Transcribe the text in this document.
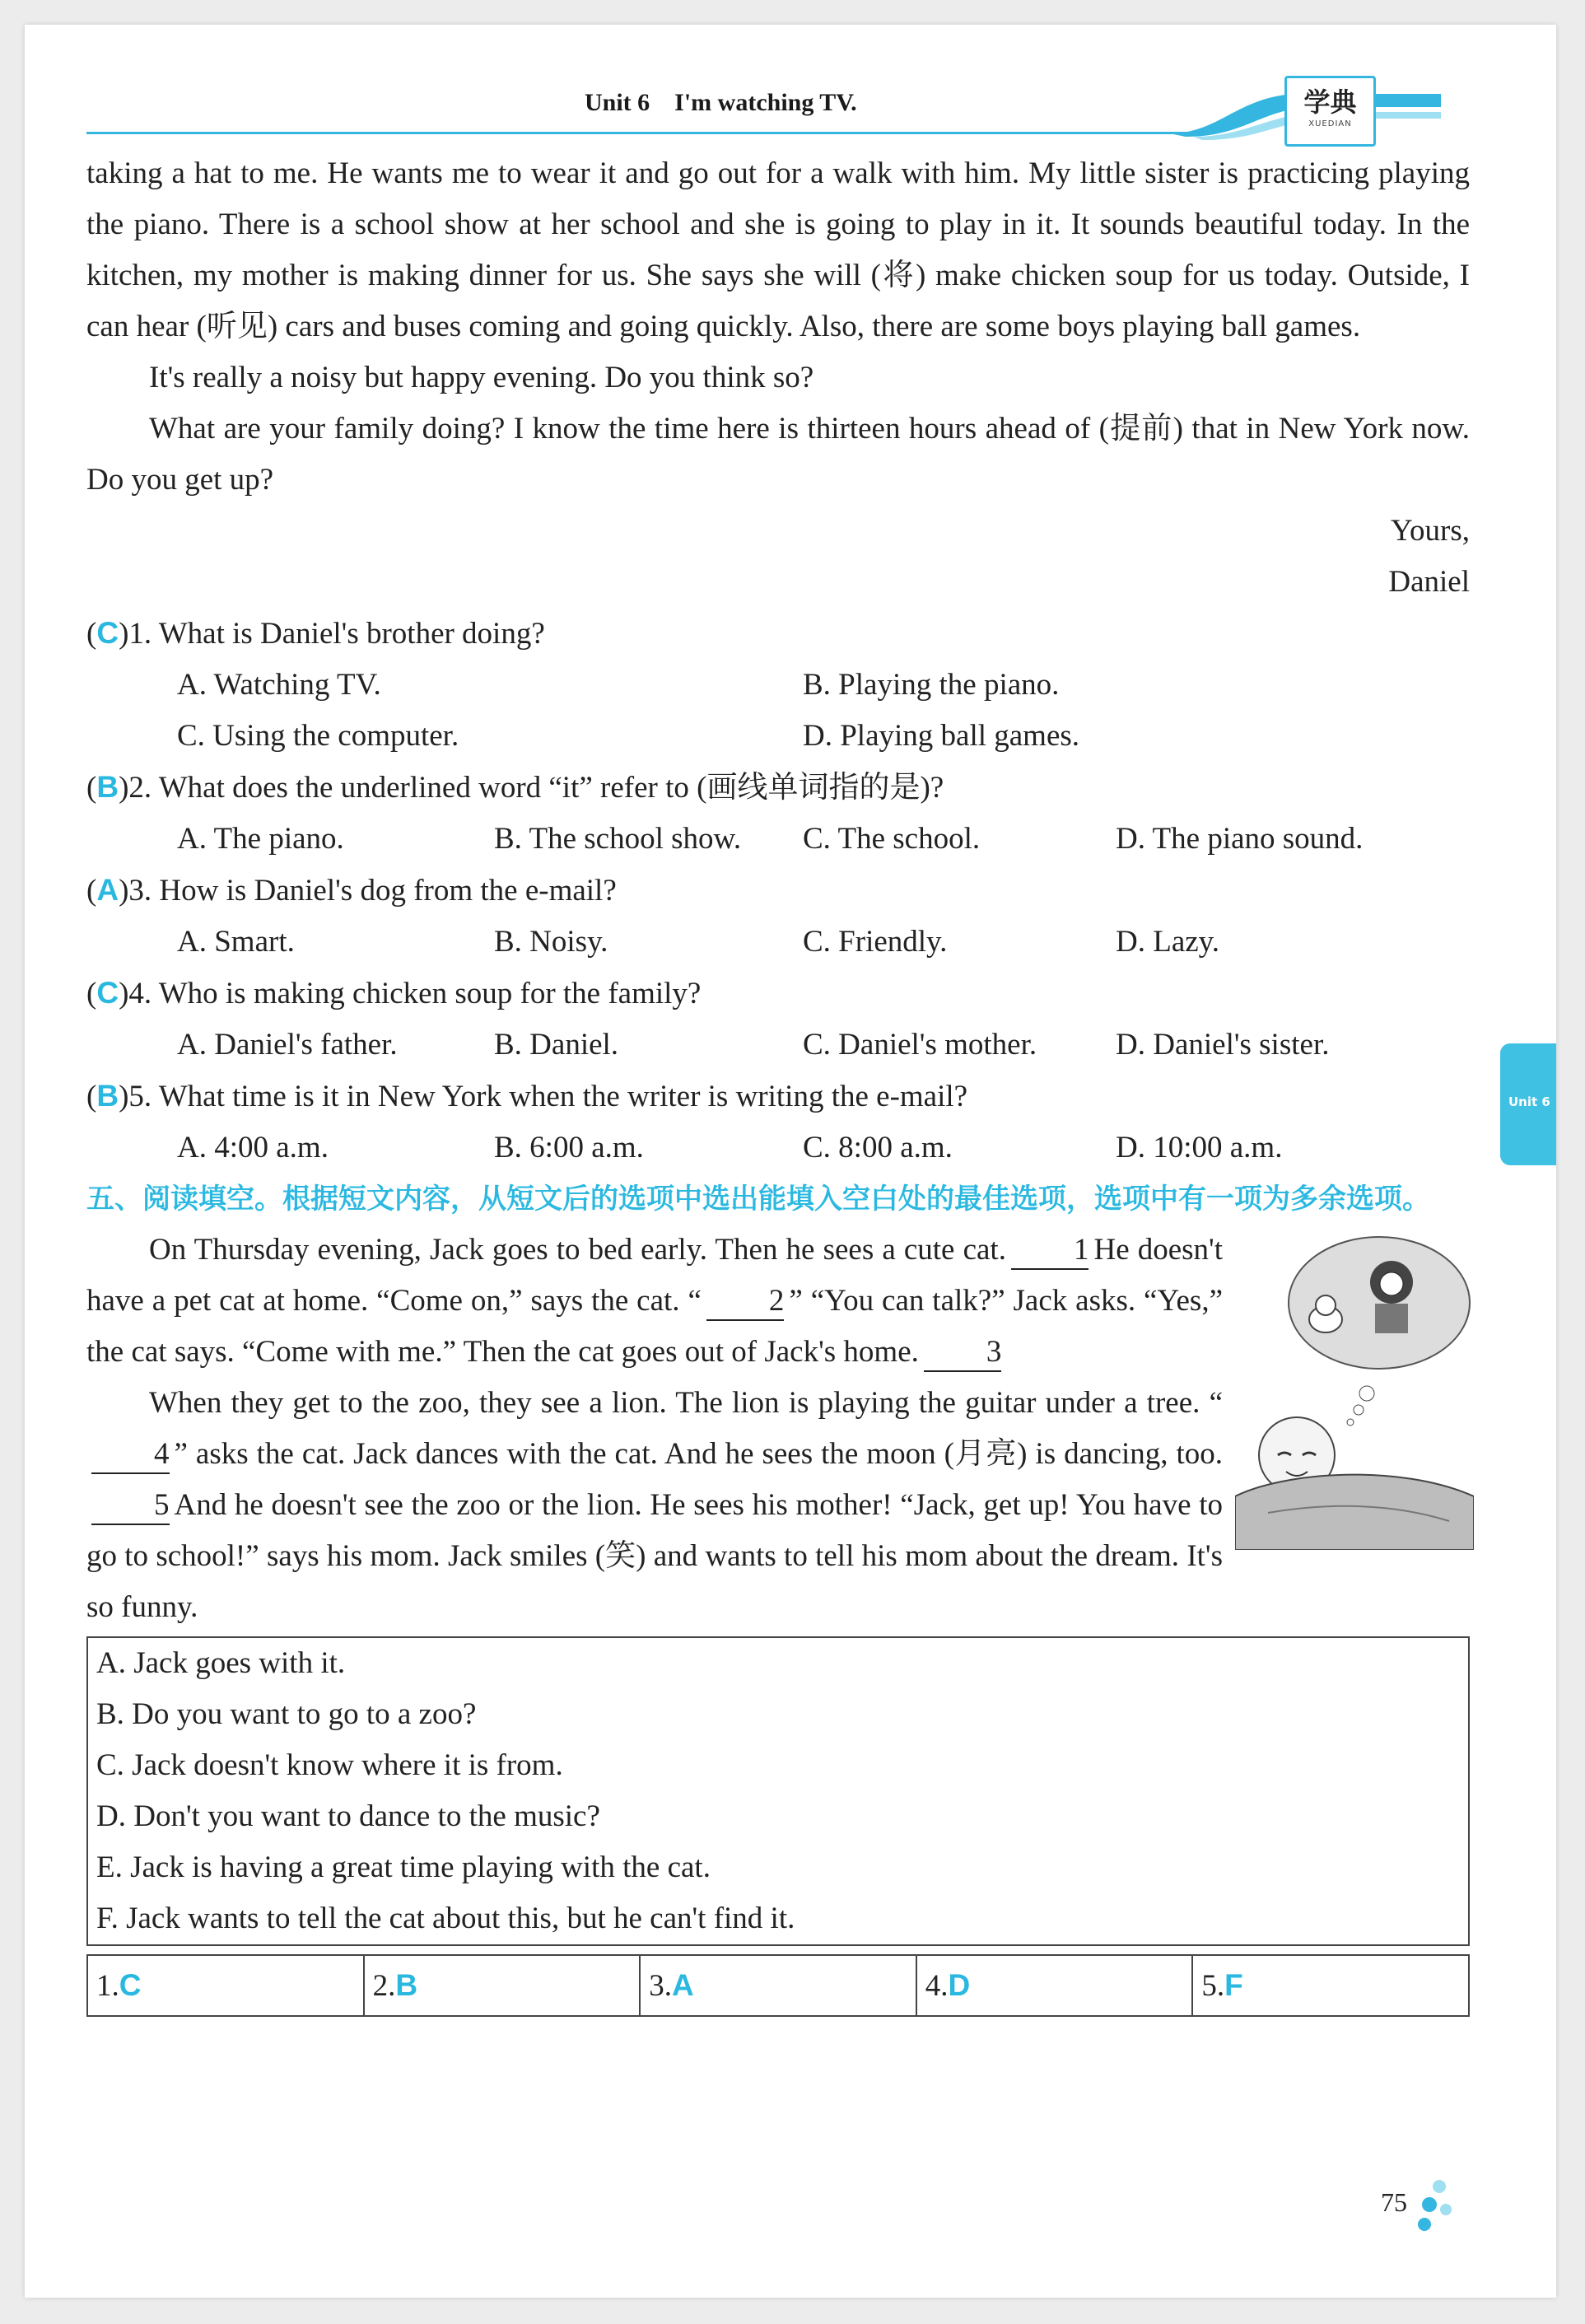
Unit 6    I'm watching TV.	学典
XUEDIAN
Unit 6

taking a hat to me. He wants me to wear it and go out for a walk with him. My little sister is practicing playing the piano. There is a school show at her school and she is going to play in it. It sounds beautiful today. In the kitchen, my mother is making dinner for us. She says she will (将) make chicken soup for us today. Outside, I can hear (听见) cars and buses coming and going quickly. Also, there are some boys playing ball games.

It's really a noisy but happy evening. Do you think so?

What are your family doing? I know the time here is thirteen hours ahead of (提前) that in New York now. Do you get up?

Yours,

Daniel

(C) 1. What is Daniel's brother doing?
A. Watching TV.	B. Playing the piano.
C. Using the computer.	D. Playing ball games.
(B) 2. What does the underlined word “it” refer to (画线单词指的是)?
A. The piano.	B. The school show.	C. The school.	D. The piano sound.
(A) 3. How is Daniel's dog from the e-mail?
A. Smart.	B. Noisy.	C. Friendly.	D. Lazy.
(C) 4. Who is making chicken soup for the family?
A. Daniel's father.	B. Daniel.	C. Daniel's mother.	D. Daniel's sister.
(B) 5. What time is it in New York when the writer is writing the e-mail?
A. 4:00 a.m.	B. 6:00 a.m.	C. 8:00 a.m.	D. 10:00 a.m.
五、阅读填空。根据短文内容，从短文后的选项中选出能填入空白处的最佳选项，选项中有一项为多余选项。

On Thursday evening, Jack goes to bed early. Then he sees a cute cat. 1 He doesn't have a pet cat at home. “Come on,” says the cat. “ 2 ” “You can talk?” Jack asks. “Yes,” the cat says. “Come with me.” Then the cat goes out of Jack's home. 3

When they get to the zoo, they see a lion. The lion is playing the guitar under a tree. “4 ” asks the cat. Jack dances with the cat. And he sees the moon (月亮) is dancing, too.5 And he doesn't see the zoo or the lion. He sees his mother! “Jack, get up! You have to go to school!” says his mom. Jack smiles (笑) and wants to tell his mom about the dream. It's so funny.

A. Jack goes with it.

B. Do you want to go to a zoo?

C. Jack doesn't know where it is from.

D. Don't you want to dance to the music?

E. Jack is having a great time playing with the cat.

F. Jack wants to tell the cat about this, but he can't find it.

1.C	2.B	3.A	4.D	5.F
75
